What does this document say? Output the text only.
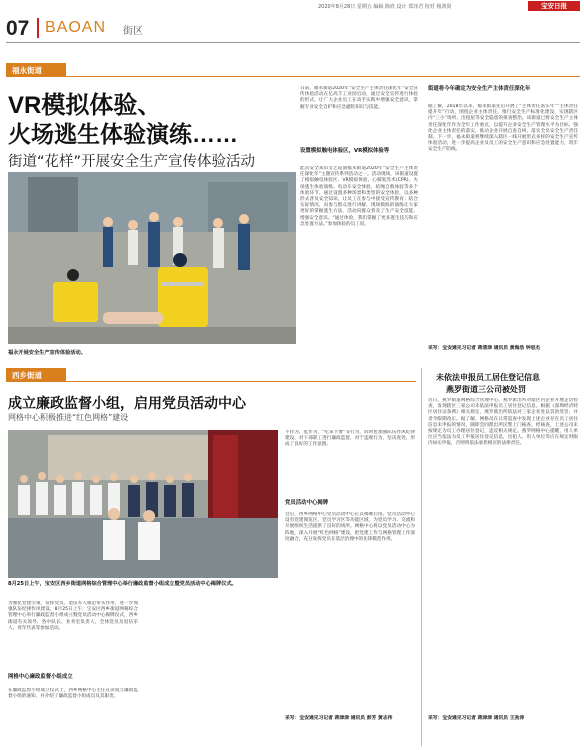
2020年8月28日 星期五 编辑 陈欣 设计 郑泽君 校对 杨鸿贤	宝安日报
07 BAOAN 街区
福永街道
VR模拟体验、
火场逃生体验演练……
街道“花样”开展安全生产宣传体验活动
福永开展安全生产宣传体验活动。
日前，福永街道2020年“安全生产主体责任深化年”安全宣传体验活动在亿高丰工业园启动，通过安全宣传进行体验的形式，让广大企业员工在动手实践中增强安全意识，掌握专业安全自护和应急避险知识与技能。
设置模拟触电体验区，VR模拟体验等
此次安全知识文艺巡演福永街道2020年“安全生产主体责任深化年”主题宣传系列活动之一。活动现场，该街道设置了模拟触电体验区、VR模拟体验、心肺复苏术(CPR)、火场逃生体验演练、电动车安全体验、结绳自救体验等多个体验环节，通过设置多种场景和类型的安全体验，以多种形式普及安全知识、让员工在参与中接受宣传教育；结合实际情况，向参与群众进行讲解，现场模拟的演练让大家更好的掌握逃生方法，活动向群众普及了生产安全技能、增强安全意识。“通过体验，我们掌握了更多逃生技巧和应急处置方法。”参加体验的员工说。
街道将今年确定为安全生产主体责任深化年
据了解，2018年以来，福永街道先后开展了“主体责任落实年”“主体责任提升年”行动，围绕企业主体责任，推行安全生产标准化建设，实现辖区内“三小”场所、出租屋等安全隐患的排查整治。该街道已将安全生产主体责任深化年作为全年工作重点，以提升企业安全生产管理水平为目标，强化企业主体责任的落实，推动企业开展自查自纠，落实全员安全生产责任制。下一步，福永街道将继续深入辖区一线开展形式多样的安全生产宣传体验活动，进一步提高企业及员工的安全生产意识和应急处置能力，筑牢安全生产防线。
采写：宝安通见习记者 蒋清津 通讯员 黄海浩 钟思杰
西乡街道
成立廉政监督小组，启用党员活动中心
网格中心积极推进“红色网格”建设
8月25日上午，宝安区西乡街道网格综合管理中心举行廉政监督小组成立暨党员活动中心揭牌仪式。
为强化党建引领，发挥党员、退伍军人模范带头作用，进一步加强队伍纪律作风建设，8月25日上午，宝安区西乡街道网格综合管理中心举行廉政监督小组成立暨党员活动中心揭牌仪式，西乡街道有关领导、各中队长、业务室负责人、全体党员及退伍军人、青年代表等参加活动。
网格中心廉政监督小组成立
在廉政监督小组成立仪式上，西乡网格中心主任宣读成立廉政监督小组的通知，并介绍了廉政监督小组成员及其职责。
不作为、乱作为、“吃拿卡要”等行为，同时也加强队伍作风纪律建设，对干部职工进行廉政监督，对于违规行为，坚决查处，形成了良好的工作氛围。
党员活动中心揭牌
会后，西乡网格中心党员活动中心正式揭牌启用。党员活动中心设有党建阅览区、党员学习区等功能区域，为党员学习、交流和开展组织生活提供了良好的场所。网格中心将以党员活动中心为阵地，深入开展“红色网格”建设，把党建工作与网格管理工作深度融合，充分发挥党员在基层治理中的先锋模范作用。
采写：宝安通见习记者 蒋津津 通讯员 彭芳 黄志伟
未依法申报员工居住登记信息
燕罗街道三公司被处罚
近日，燕罗街道网格综合管理中心、燕罗派出所对辖区内企业开展走访检查，发现辖区三家公司未依法申报员工居住登记信息。根据《深圳经济特区居住证条例》相关规定，燕罗派出所依法对三家企业处以罚款处罚，并责令限期改正。据了解，网格员在日常巡查中发现上述企业存在员工居住信息未申报的情况，随即会同派出所民警上门核查。经核查，上述公司未按规定为员工办理居住登记，违反相关规定。燕罗网格中心提醒，用人单位应当依法为员工申报居住登记信息，出租人、用人单位等应在规定时限内如实申报，否则将依法承担相应的法律责任。
采写：宝安通见习记者 蒋津津 通讯员 王劲涛
